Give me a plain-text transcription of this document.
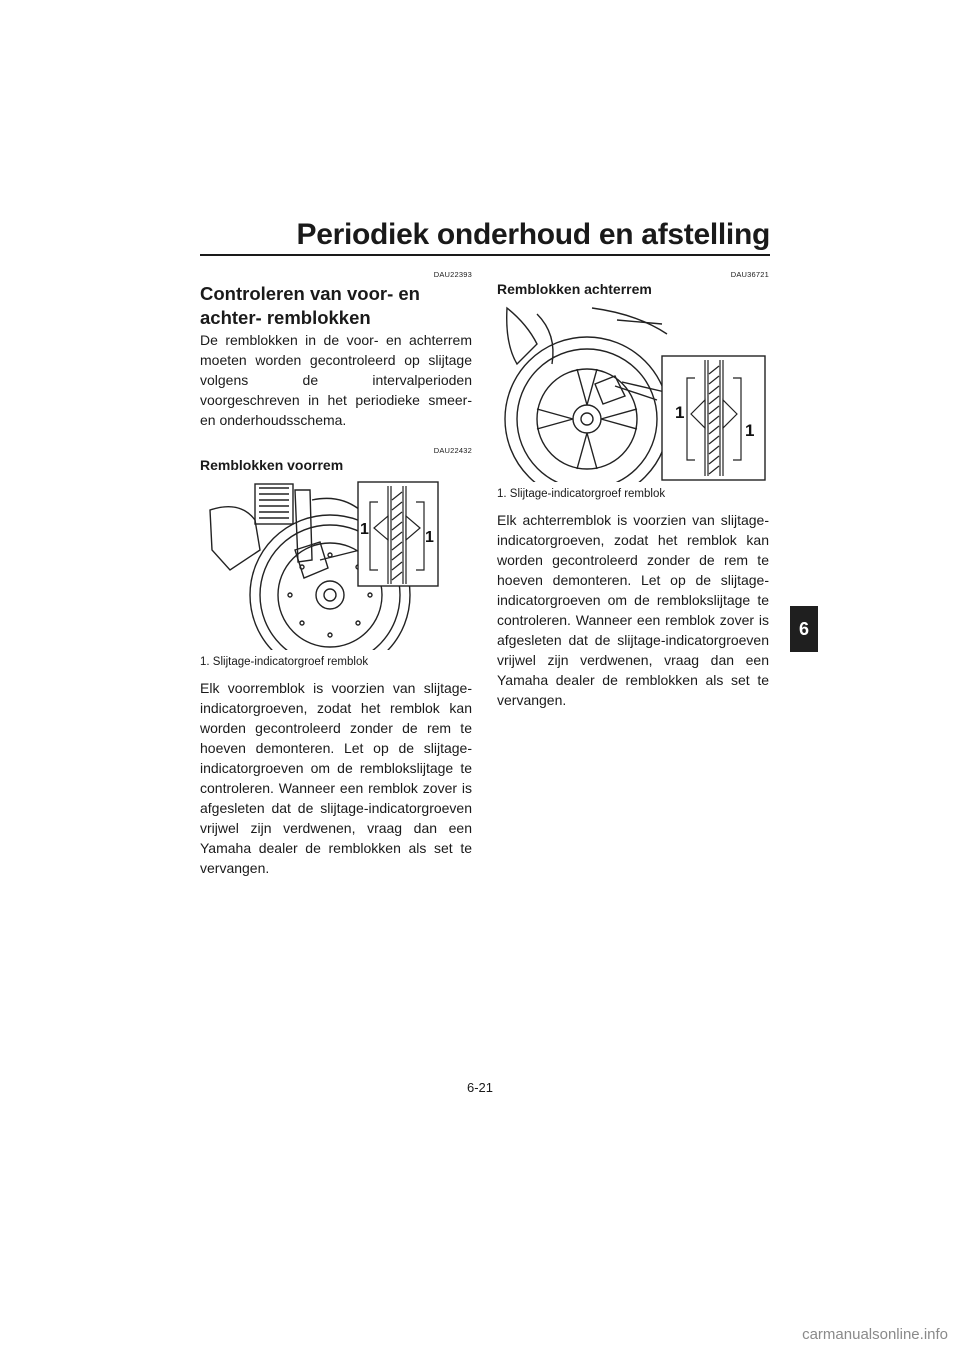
Periodiek onderhoud en afstelling
6
DAU22393
Controleren van voor- en achter- remblokken

De remblokken in de voor- en achterrem moeten worden gecontroleerd op slijtage volgens de intervalperioden voorgeschreven in het periodieke smeer- en onderhoudsschema.

DAU22432
Remblokken voorrem
1	1
1. Slijtage-indicatorgroef remblok

Elk voorremblok is voorzien van slijtage-indicatorgroeven, zodat het remblok kan worden gecontroleerd zonder de rem te hoeven demonteren. Let op de slijtage-indicatorgroeven om de remblokslijtage te controleren. Wanneer een remblok zover is afgesleten dat de slijtage-indicatorgroeven vrijwel zijn verdwenen, vraag dan een Yamaha dealer de remblokken als set te vervangen.

DAU36721
Remblokken achterrem
1
1
1. Slijtage-indicatorgroef remblok

Elk achterremblok is voorzien van slijtage-indicatorgroeven, zodat het remblok kan worden gecontroleerd zonder de rem te hoeven demonteren. Let op de slijtage-indicatorgroeven om de remblokslijtage te controleren. Wanneer een remblok zover is afgesleten dat de slijtage-indicatorgroeven vrijwel zijn verdwenen, vraag dan een Yamaha dealer de remblokken als set te vervangen.

6-21
carmanualsonline.info
